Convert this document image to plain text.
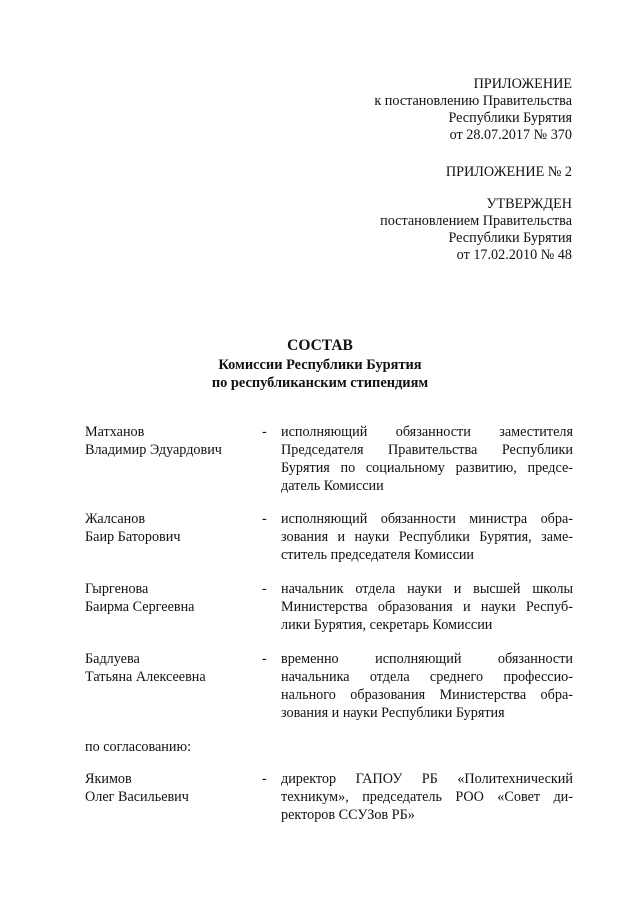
ПРИЛОЖЕНИЕ
к постановлению Правительства
Республики Бурятия
от 28.07.2017 № 370
ПРИЛОЖЕНИЕ № 2
УТВЕРЖДЕН
постановлением Правительства
Республики Бурятия
от 17.02.2010 № 48
СОСТАВ
Комиссии Республики Бурятия
по республиканским стипендиям
Матханов
Владимир Эдуардович
- исполняющий обязанности заместителя
Председателя Правительства Республики
Бурятия по социальному развитию, предсе-
датель Комиссии
Жалсанов
Баир Баторович
- исполняющий обязанности министра обра-
зования и науки Республики Бурятия, заме-
ститель председателя Комиссии
Гыргенова
Баирма Сергеевна
- начальник отдела науки и высшей школы
Министерства образования и науки Респуб-
лики Бурятия, секретарь Комиссии
Бадлуева
Татьяна Алексеевна
- временно исполняющий обязанности
начальника отдела среднего профессио-
нального образования Министерства обра-
зования и науки Республики Бурятия
по согласованию:
Якимов
Олег Васильевич
- директор ГАПОУ РБ «Политехнический
техникум», председатель РОО «Совет ди-
ректоров ССУЗов РБ»
